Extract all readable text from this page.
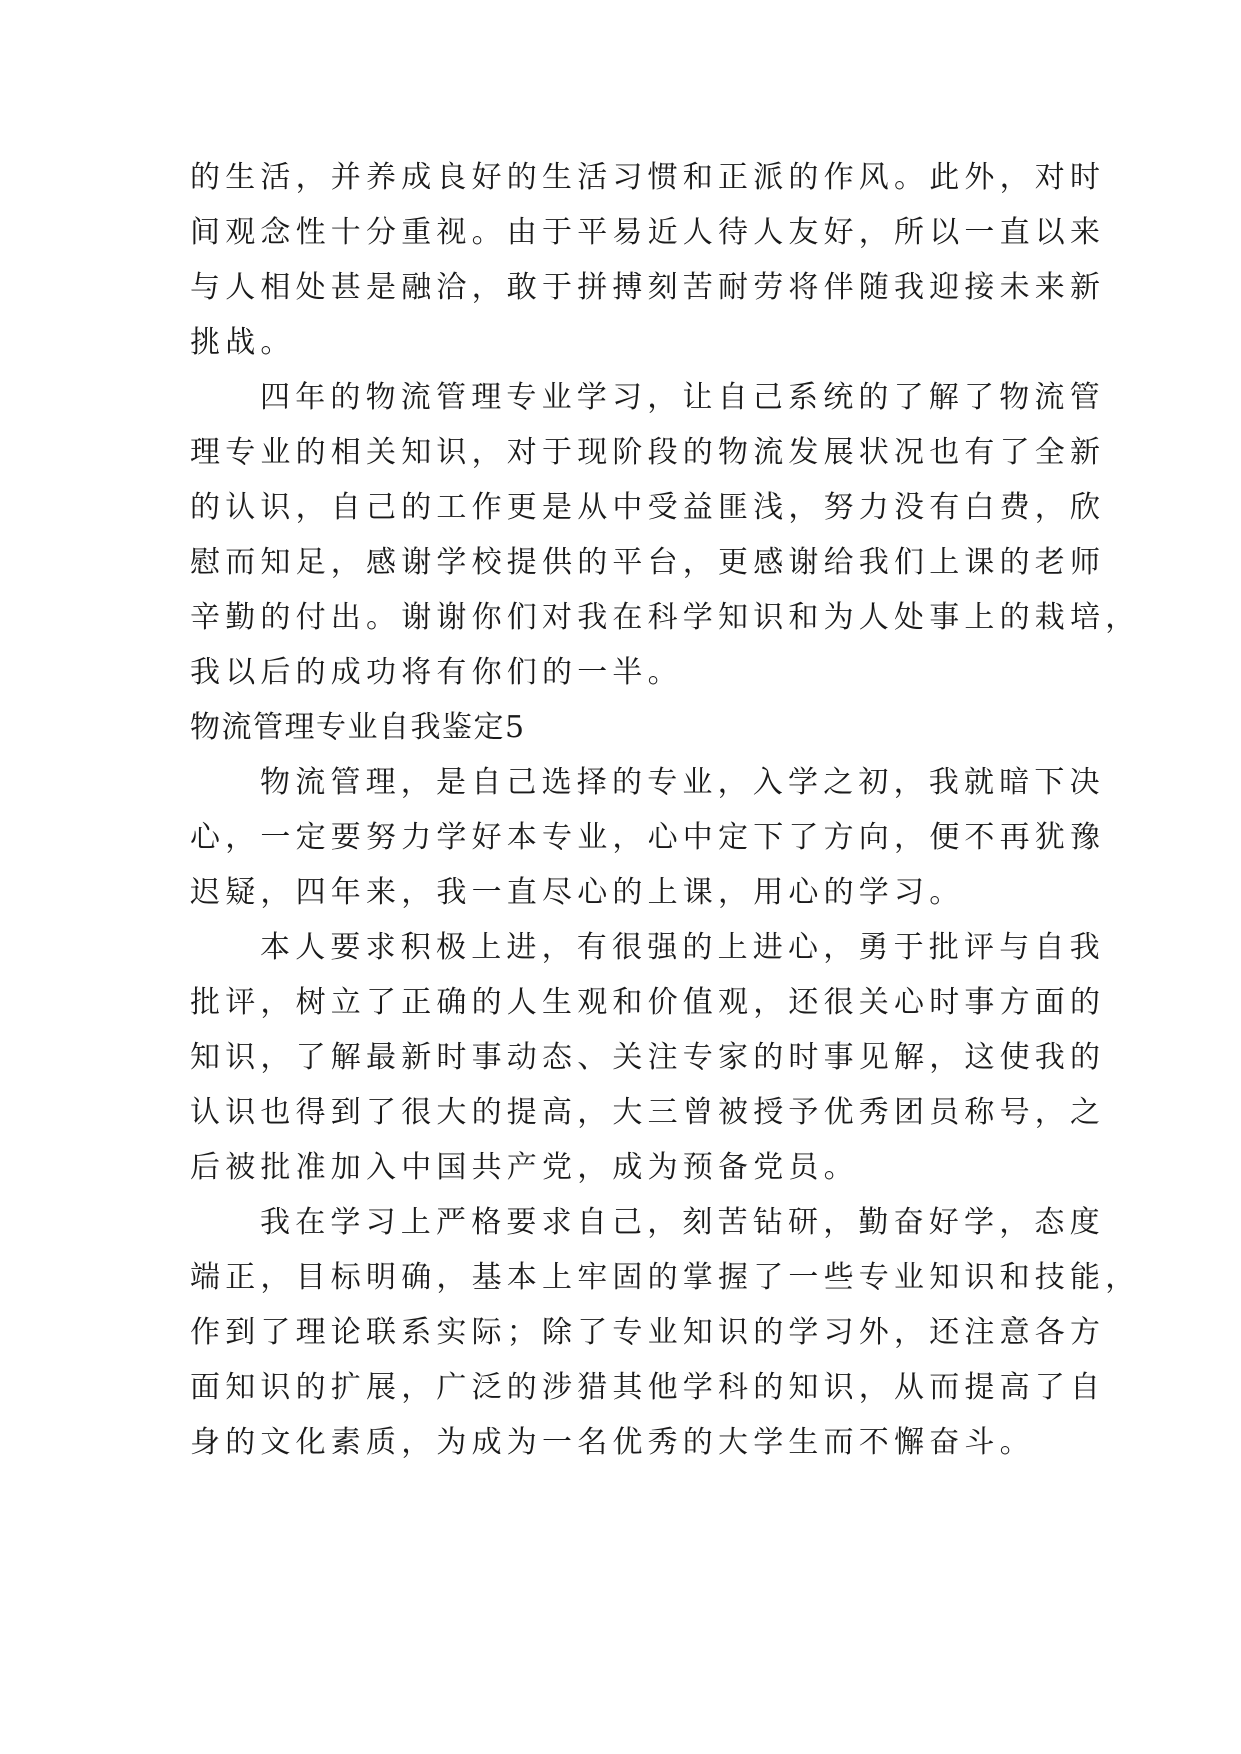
的生活，并养成良好的生活习惯和正派的作风。此外，对时
间观念性十分重视。由于平易近人待人友好，所以一直以来
与人相处甚是融洽，敢于拼搏刻苦耐劳将伴随我迎接未来新
挑战。
四年的物流管理专业学习，让自己系统的了解了物流管
理专业的相关知识，对于现阶段的物流发展状况也有了全新
的认识，自己的工作更是从中受益匪浅，努力没有白费，欣
慰而知足，感谢学校提供的平台，更感谢给我们上课的老师
辛勤的付出。谢谢你们对我在科学知识和为人处事上的栽培，
我以后的成功将有你们的一半。
物流管理专业自我鉴定5
物流管理，是自己选择的专业，入学之初，我就暗下决
心，一定要努力学好本专业，心中定下了方向，便不再犹豫
迟疑，四年来，我一直尽心的上课，用心的学习。
本人要求积极上进，有很强的上进心，勇于批评与自我
批评，树立了正确的人生观和价值观，还很关心时事方面的
知识，了解最新时事动态、关注专家的时事见解，这使我的
认识也得到了很大的提高，大三曾被授予优秀团员称号，之
后被批准加入中国共产党，成为预备党员。
我在学习上严格要求自己，刻苦钻研，勤奋好学，态度
端正，目标明确，基本上牢固的掌握了一些专业知识和技能，
作到了理论联系实际；除了专业知识的学习外，还注意各方
面知识的扩展，广泛的涉猎其他学科的知识，从而提高了自
身的文化素质，为成为一名优秀的大学生而不懈奋斗。
